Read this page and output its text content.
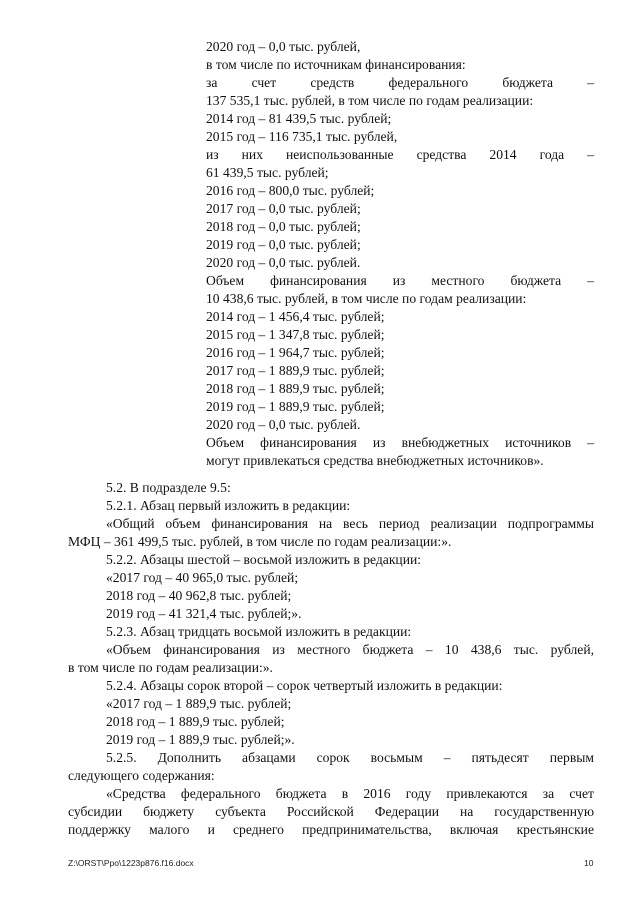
2020 год – 0,0 тыс. рублей,
в том числе по источникам финансирования:
за счет средств федерального бюджета –
137 535,1 тыс. рублей, в том числе по годам реализации:
2014 год – 81 439,5 тыс. рублей;
2015 год – 116 735,1 тыс. рублей,
из них неиспользованные средства 2014 года –
61 439,5 тыс. рублей;
2016 год – 800,0 тыс. рублей;
2017 год – 0,0 тыс. рублей;
2018 год – 0,0 тыс. рублей;
2019 год – 0,0 тыс. рублей;
2020 год – 0,0 тыс. рублей.
Объем финансирования из местного бюджета –
10 438,6 тыс. рублей, в том числе по годам реализации:
2014 год – 1 456,4 тыс. рублей;
2015 год – 1 347,8 тыс. рублей;
2016 год – 1 964,7 тыс. рублей;
2017 год – 1 889,9 тыс. рублей;
2018 год – 1 889,9 тыс. рублей;
2019 год – 1 889,9 тыс. рублей;
2020 год – 0,0 тыс. рублей.
Объем финансирования из внебюджетных источников –
могут привлекаться средства внебюджетных источников».
5.2. В подразделе 9.5:
5.2.1. Абзац первый изложить в редакции:
«Общий объем финансирования на весь период реализации подпрограммы
МФЦ – 361 499,5 тыс. рублей, в том числе по годам реализации:».
5.2.2. Абзацы шестой – восьмой изложить в редакции:
«2017 год – 40 965,0 тыс. рублей;
2018 год – 40 962,8 тыс. рублей;
2019 год – 41 321,4 тыс. рублей;».
5.2.3. Абзац тридцать восьмой изложить в редакции:
«Объем финансирования из местного бюджета – 10 438,6 тыс. рублей,
в том числе по годам реализации:».
5.2.4. Абзацы сорок второй – сорок четвертый изложить в редакции:
«2017 год – 1 889,9 тыс. рублей;
2018 год – 1 889,9 тыс. рублей;
2019 год – 1 889,9 тыс. рублей;».
5.2.5. Дополнить абзацами сорок восьмым – пятьдесят первым
следующего содержания:
«Средства федерального бюджета в 2016 году привлекаются за счет
субсидии бюджету субъекта Российской Федерации на государственную
поддержку малого и среднего предпринимательства, включая крестьянские
Z:\ORST\Ppo\1223p876.f16.docx	10
